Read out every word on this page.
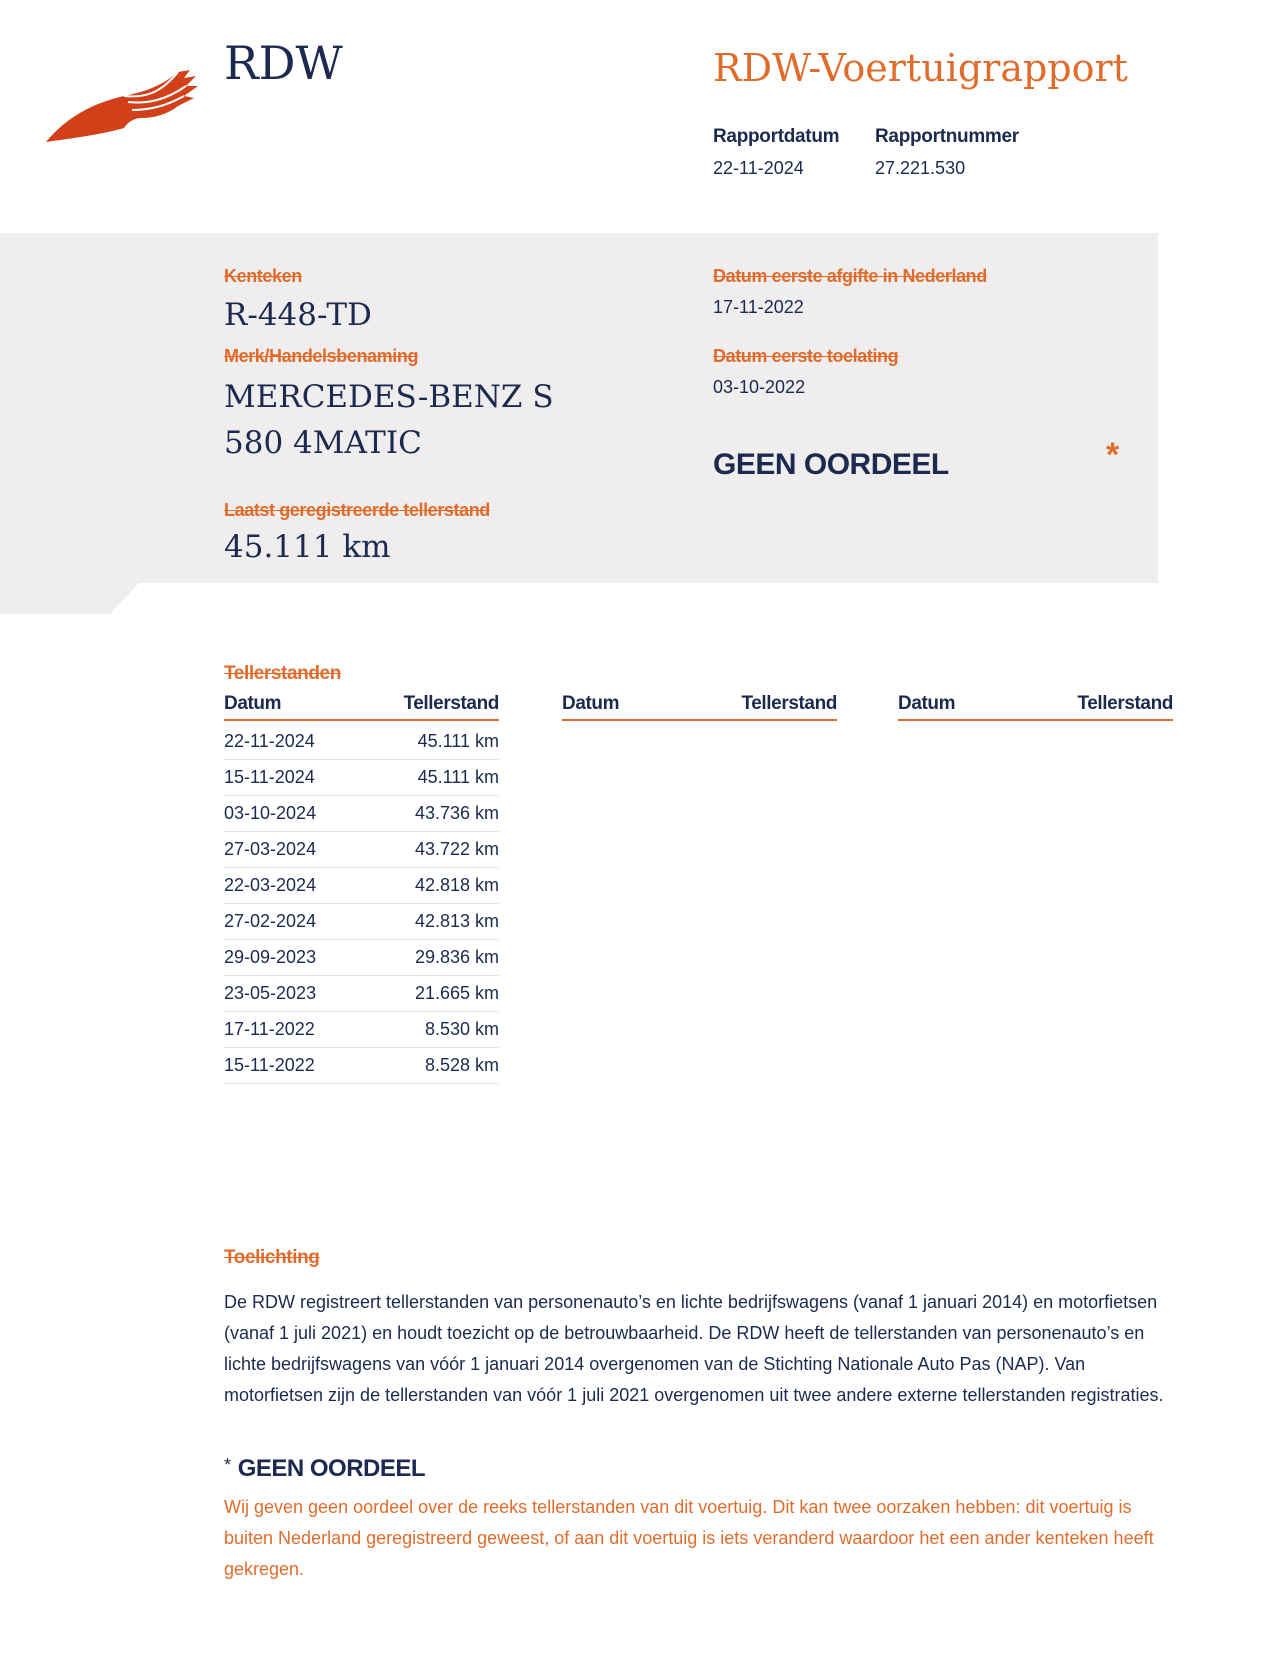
RDW	RDW-Voertuigrapport
Rapportdatum
22-11-2024
Rapportnummer
27.221.530
Kenteken
R-448-TD
Merk/Handelsbenaming
MERCEDES-BENZ S
580 4MATIC
Laatst geregistreerde tellerstand
45.111 km
Datum eerste afgifte in Nederland
17-11-2022
Datum eerste toelating
03-10-2022
GEEN OORDEEL	*
Tellerstanden
Datum	Tellerstand	Datum	Tellerstand	Datum	Tellerstand
22-11-2024	45.111 km
15-11-2024	45.111 km
03-10-2024	43.736 km
27-03-2024	43.722 km
22-03-2024	42.818 km
27-02-2024	42.813 km
29-09-2023	29.836 km
23-05-2023	21.665 km
17-11-2022	8.530 km
15-11-2022	8.528 km
Toelichting
De RDW registreert tellerstanden van personenauto’s en lichte bedrijfswagens (vanaf 1 januari 2014) en motorfietsen (vanaf 1 juli 2021) en houdt toezicht op de betrouwbaarheid. De RDW heeft de tellerstanden van personenauto’s en lichte bedrijfswagens van vóór 1 januari 2014 overgenomen van de Stichting Nationale Auto Pas (NAP). Van motorfietsen zijn de tellerstanden van vóór 1 juli 2021 overgenomen uit twee andere externe tellerstanden registraties.
* GEEN OORDEEL
Wij geven geen oordeel over de reeks tellerstanden van dit voertuig. Dit kan twee oorzaken hebben: dit voertuig is buiten Nederland geregistreerd geweest, of aan dit voertuig is iets veranderd waardoor het een ander kenteken heeft gekregen.
